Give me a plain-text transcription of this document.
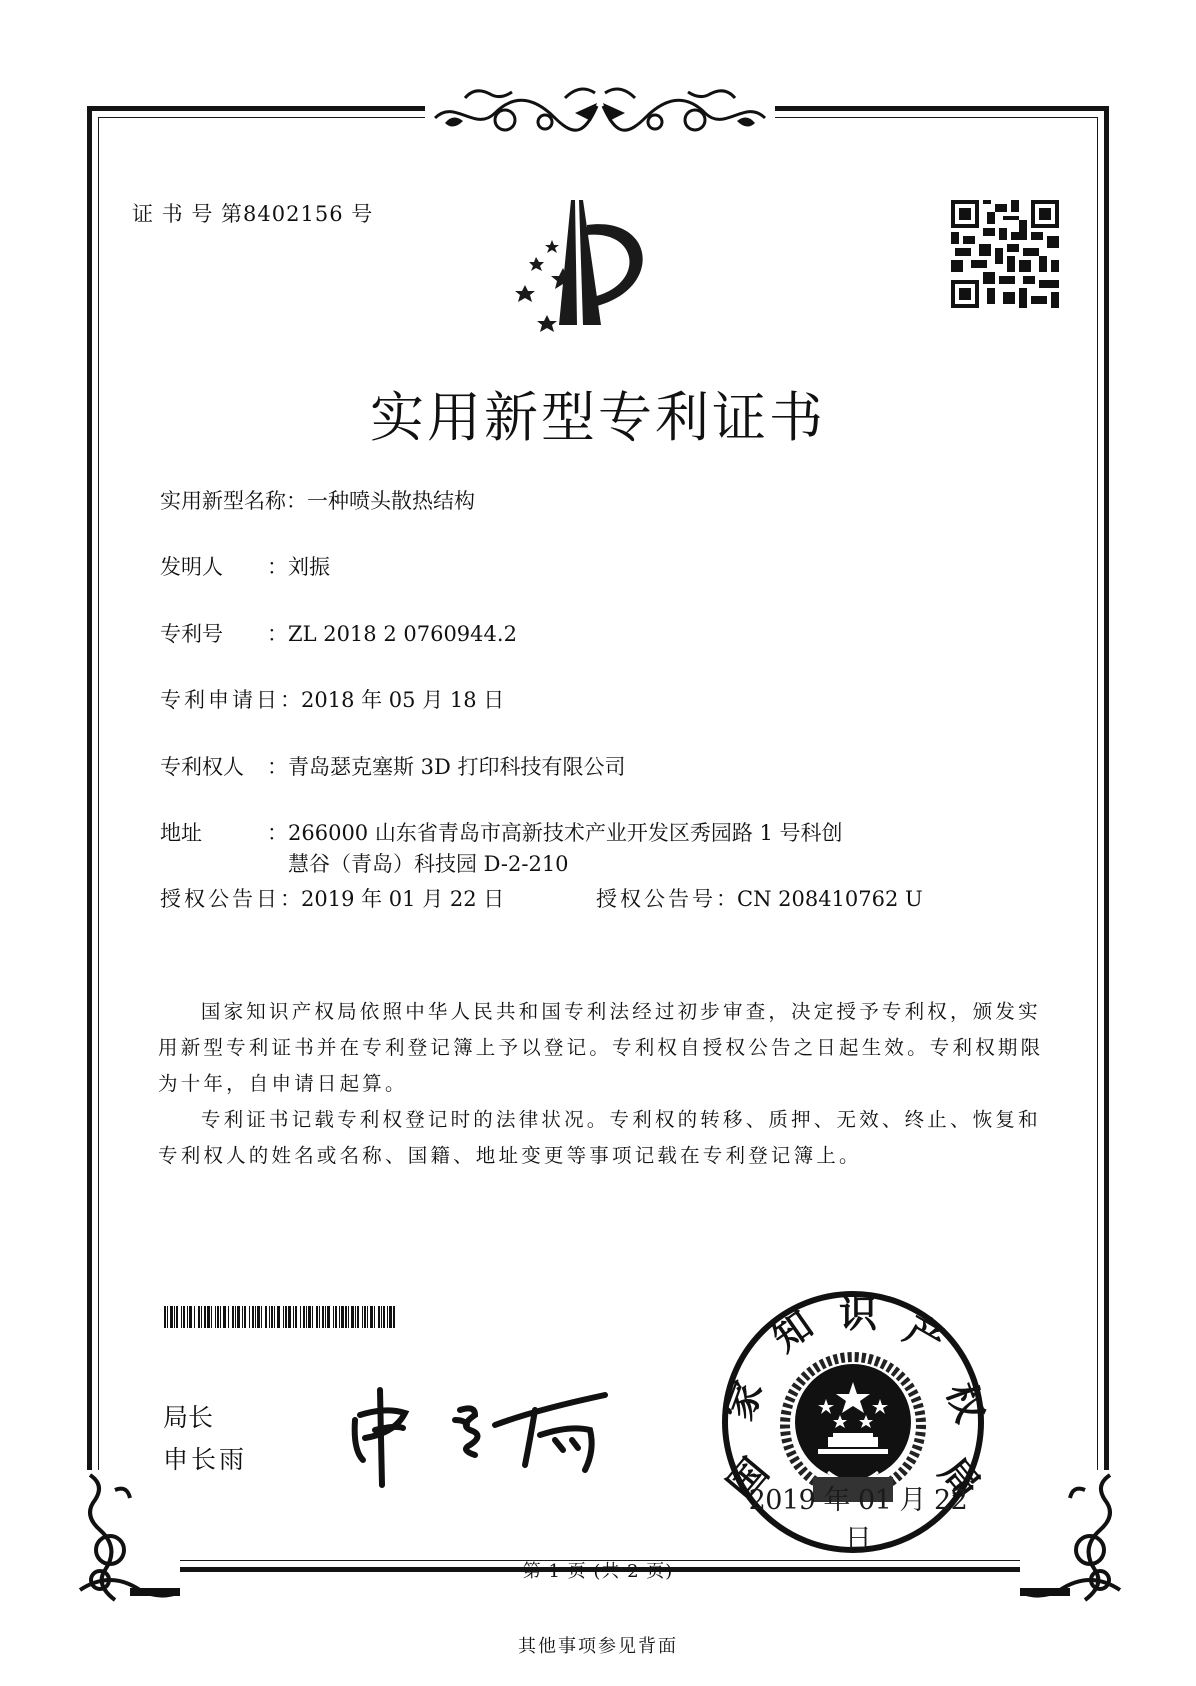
证 书 号 第8402156 号
实用新型专利证书
实用新型名称：一种喷头散热结构
发明人 ：刘振
专利号 ：ZL 2018 2 0760944.2
专利申请日：2018 年 05 月 18 日
专利权人 ：青岛瑟克塞斯 3D 打印科技有限公司
地址	：266000 山东省青岛市高新技术产业开发区秀园路 1 号科创
慧谷（青岛）科技园 D-2-210
授权公告日：2019 年 01 月 22 日	授权公告号：CN 208410762 U

国家知识产权局依照中华人民共和国专利法经过初步审查，决定授予专利权，颁发实用新型专利证书并在专利登记簿上予以登记。专利权自授权公告之日起生效。专利权期限为十年，自申请日起算。

专利证书记载专利权登记时的法律状况。专利权的转移、质押、无效、终止、恢复和专利权人的姓名或名称、国籍、地址变更等事项记载在专利登记簿上。

局长
申长雨	国
家
知 识 产
权
局
2019 年 01 月 22 日
第 1 页 (共 2 页)
其他事项参见背面
